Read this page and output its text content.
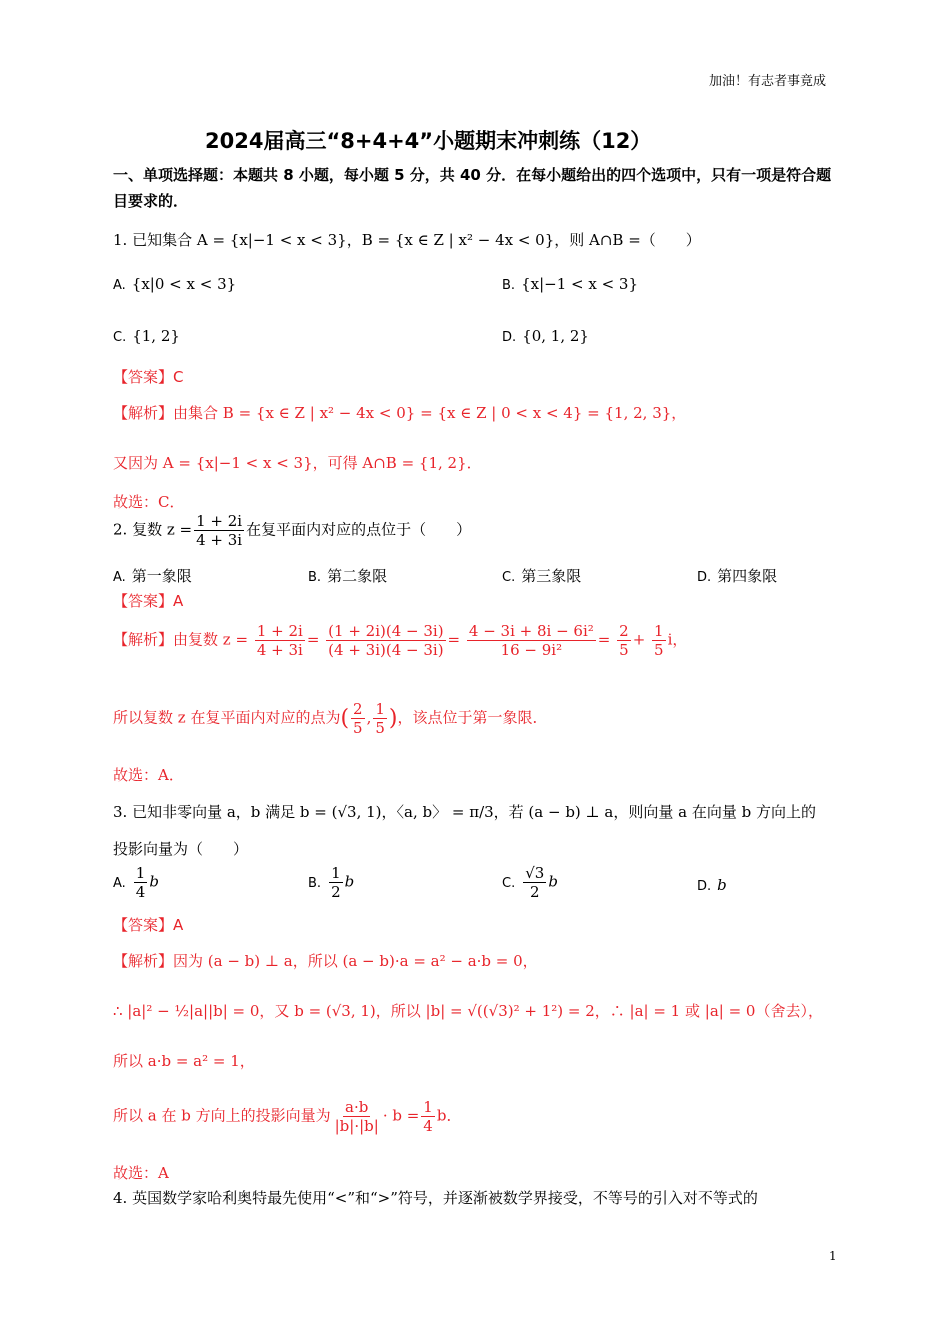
加油！有志者事竟成
2024届高三“8+4+4”小题期末冲刺练（12）
一、单项选择题：本题共 8 小题，每小题 5 分，共 40 分．在每小题给出的四个选项中，只有一项是符合题目要求的．
1. 已知集合 A = {x|−1 < x < 3}，B = {x ∈ Z | x² − 4x < 0}，则 A∩B =（　　）
A. {x|0 < x < 3}	B. {x|−1 < x < 3}
C. {1, 2}	D. {0, 1, 2}
【答案】C
【解析】由集合 B = {x ∈ Z | x² − 4x < 0} = {x ∈ Z | 0 < x < 4} = {1, 2, 3}，
又因为 A = {x|−1 < x < 3}，可得 A∩B = {1, 2}．
故选：C．
2. 复数 $z = \frac{1 + 2i}{4 + 3i}$ 在复平面内对应的点位于（　　）
A. 第一象限	B. 第二象限	C. 第三象限	D. 第四象限
【答案】A
【解析】由复数 $z = \frac{1 + 2i}{4 + 3i} = \frac{(1 + 2i)(4 - 3i)}{(4 + 3i)(4 - 3i)} = \frac{\text{4 − 3i + 8i − 6i²}}{\text{16 − 9i²}} = \frac{2}{5} + \frac{1}{5}$ i，
所以复数 z 在复平面内对应的点为( $\frac{2}{5}$ , $\frac{1}{5}$ )，该点位于第一象限．
故选：A．
3. 已知非零向量 a，b 满足 b = (√3, 1)，〈a, b〉 = π/3，若 (a − b) ⊥ a，则向量 a 在向量 b 方向上的
投影向量为（　　）
A. $\frac{1}{4}$ b	B. $\frac{1}{2}$ b	C. $\frac{√3}{2}$ b	D. b
【答案】A
【解析】因为 (a − b) ⊥ a，所以 (a − b)·a = a² − a·b = 0，
∴ |a|² − ½|a||b| = 0，又 b = (√3, 1)，所以 |b| = √((√3)² + 1²) = 2，∴ |a| = 1 或 |a| = 0（舍去），
所以 a·b = a² = 1，
所以 a 在 b 方向上的投影向量为 $\frac{a\cdot b}{|b|\cdot|b|} \cdot b = \frac{1}{4}$ b．
故选：A
4. 英国数学家哈利奥特最先使用“<”和“>”符号，并逐渐被数学界接受，不等号的引入对不等式的
1
